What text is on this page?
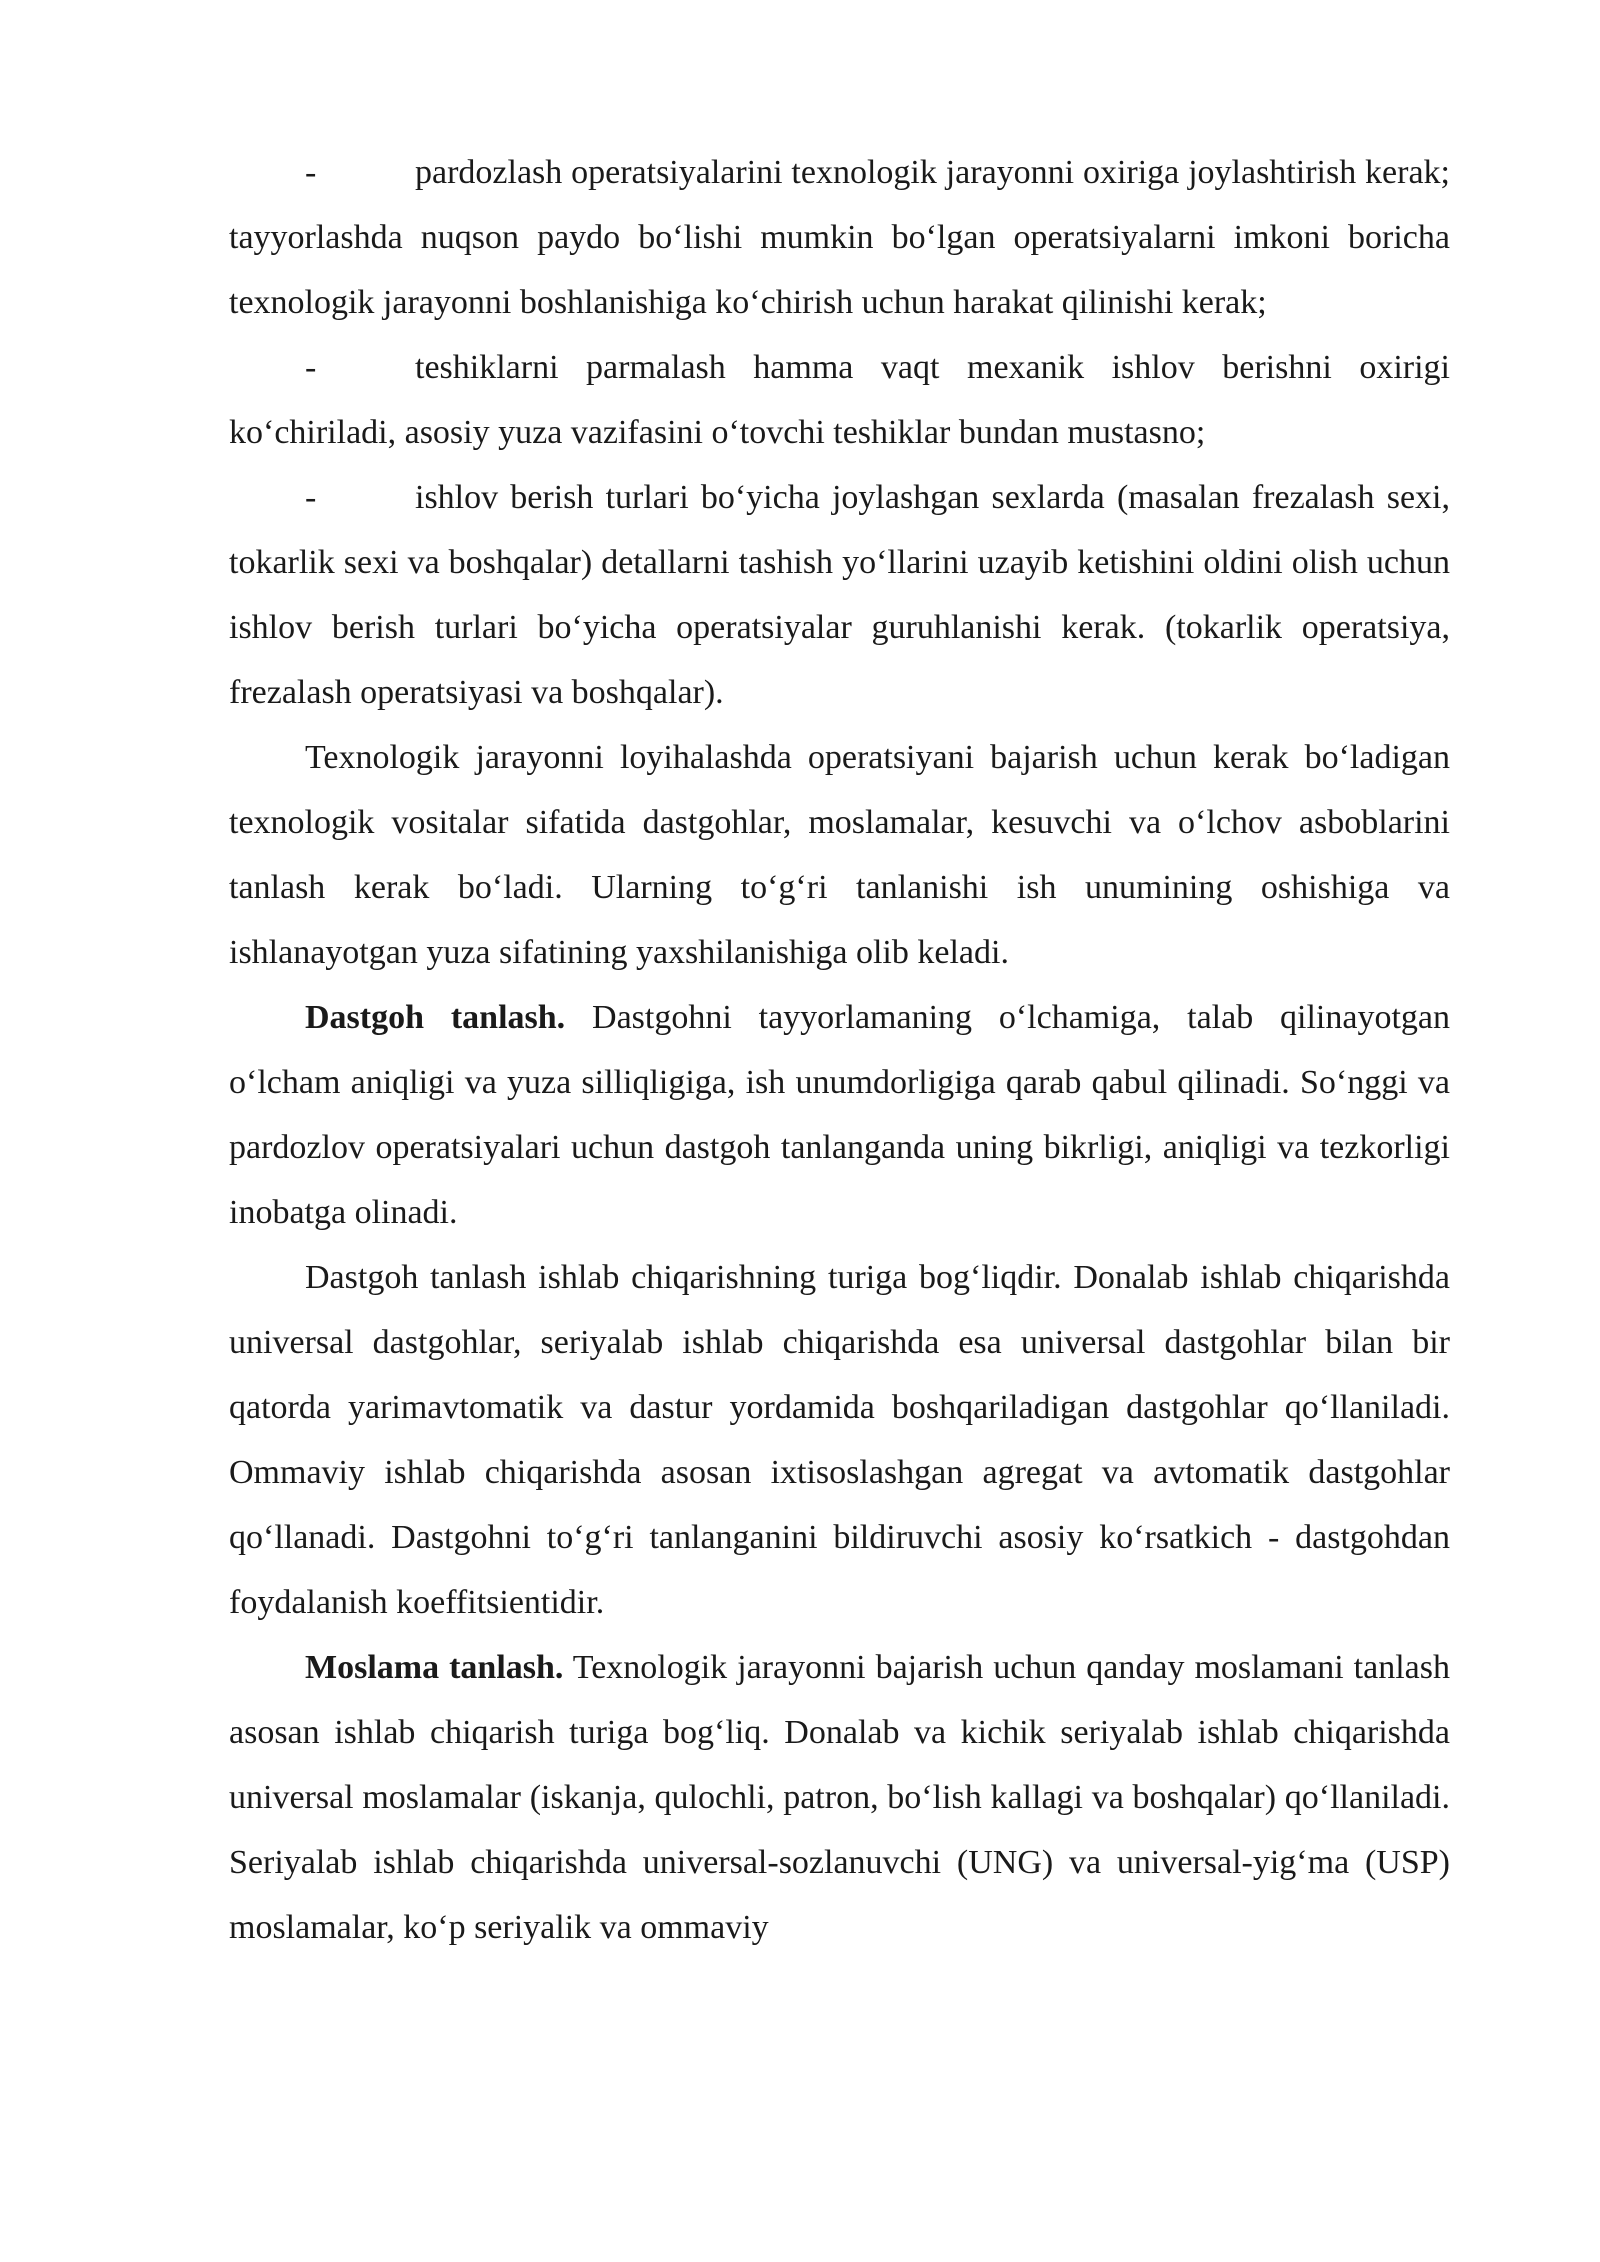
-	pardozlash operatsiyalarini texnologik jarayonni oxiriga joylashtirish kerak; tayyorlashda nuqson paydo bo‘lishi mumkin bo‘lgan operatsiyalarni imkoni boricha texnologik jarayonni boshlanishiga ko‘chirish uchun harakat qilinishi kerak;

-	teshiklarni parmalash hamma vaqt mexanik ishlov berishni oxirigi ko‘chiriladi, asosiy yuza vazifasini o‘tovchi teshiklar bundan mustasno;

-	ishlov berish turlari bo‘yicha joylashgan sexlarda (masalan frezalash sexi, tokarlik sexi va boshqalar) detallarni tashish yo‘llarini uzayib ketishini oldini olish uchun ishlov berish turlari bo‘yicha operatsiyalar guruhlanishi kerak. (tokarlik operatsiya, frezalash operatsiyasi va boshqalar).

Texnologik jarayonni loyihalashda operatsiyani bajarish uchun kerak bo‘ladigan texnologik vositalar sifatida dastgohlar, moslamalar, kesuvchi va o‘lchov asboblarini tanlash kerak bo‘ladi. Ularning to‘g‘ri tanlanishi ish unumining oshishiga va ishlanayotgan yuza sifatining yaxshilanishiga olib keladi.

Dastgoh tanlash. Dastgohni tayyorlamaning o‘lchamiga, talab qilinayotgan o‘lcham aniqligi va yuza silliqligiga, ish unumdorligiga qarab qabul qilinadi. So‘nggi va pardozlov operatsiyalari uchun dastgoh tanlanganda uning bikrligi, aniqligi va tezkorligi inobatga olinadi.

Dastgoh tanlash ishlab chiqarishning turiga bog‘liqdir. Donalab ishlab chiqarishda universal dastgohlar, seriyalab ishlab chiqarishda esa universal dastgohlar bilan bir qatorda yarimavtomatik va dastur yordamida boshqariladigan dastgohlar qo‘llaniladi. Ommaviy ishlab chiqarishda asosan ixtisoslashgan agregat va avtomatik dastgohlar qo‘llanadi. Dastgohni to‘g‘ri tanlanganini bildiruvchi asosiy ko‘rsatkich - dastgohdan foydalanish koeffitsientidir.

Moslama tanlash. Texnologik jarayonni bajarish uchun qanday moslamani tanlash asosan ishlab chiqarish turiga bog‘liq. Donalab va kichik seriyalab ishlab chiqarishda universal moslamalar (iskanja, qulochli, patron, bo‘lish kallagi va boshqalar) qo‘llaniladi. Seriyalab ishlab chiqarishda universal-sozlanuvchi (UNG) va universal-yig‘ma (USP) moslamalar, ko‘p seriyalik va ommaviy
